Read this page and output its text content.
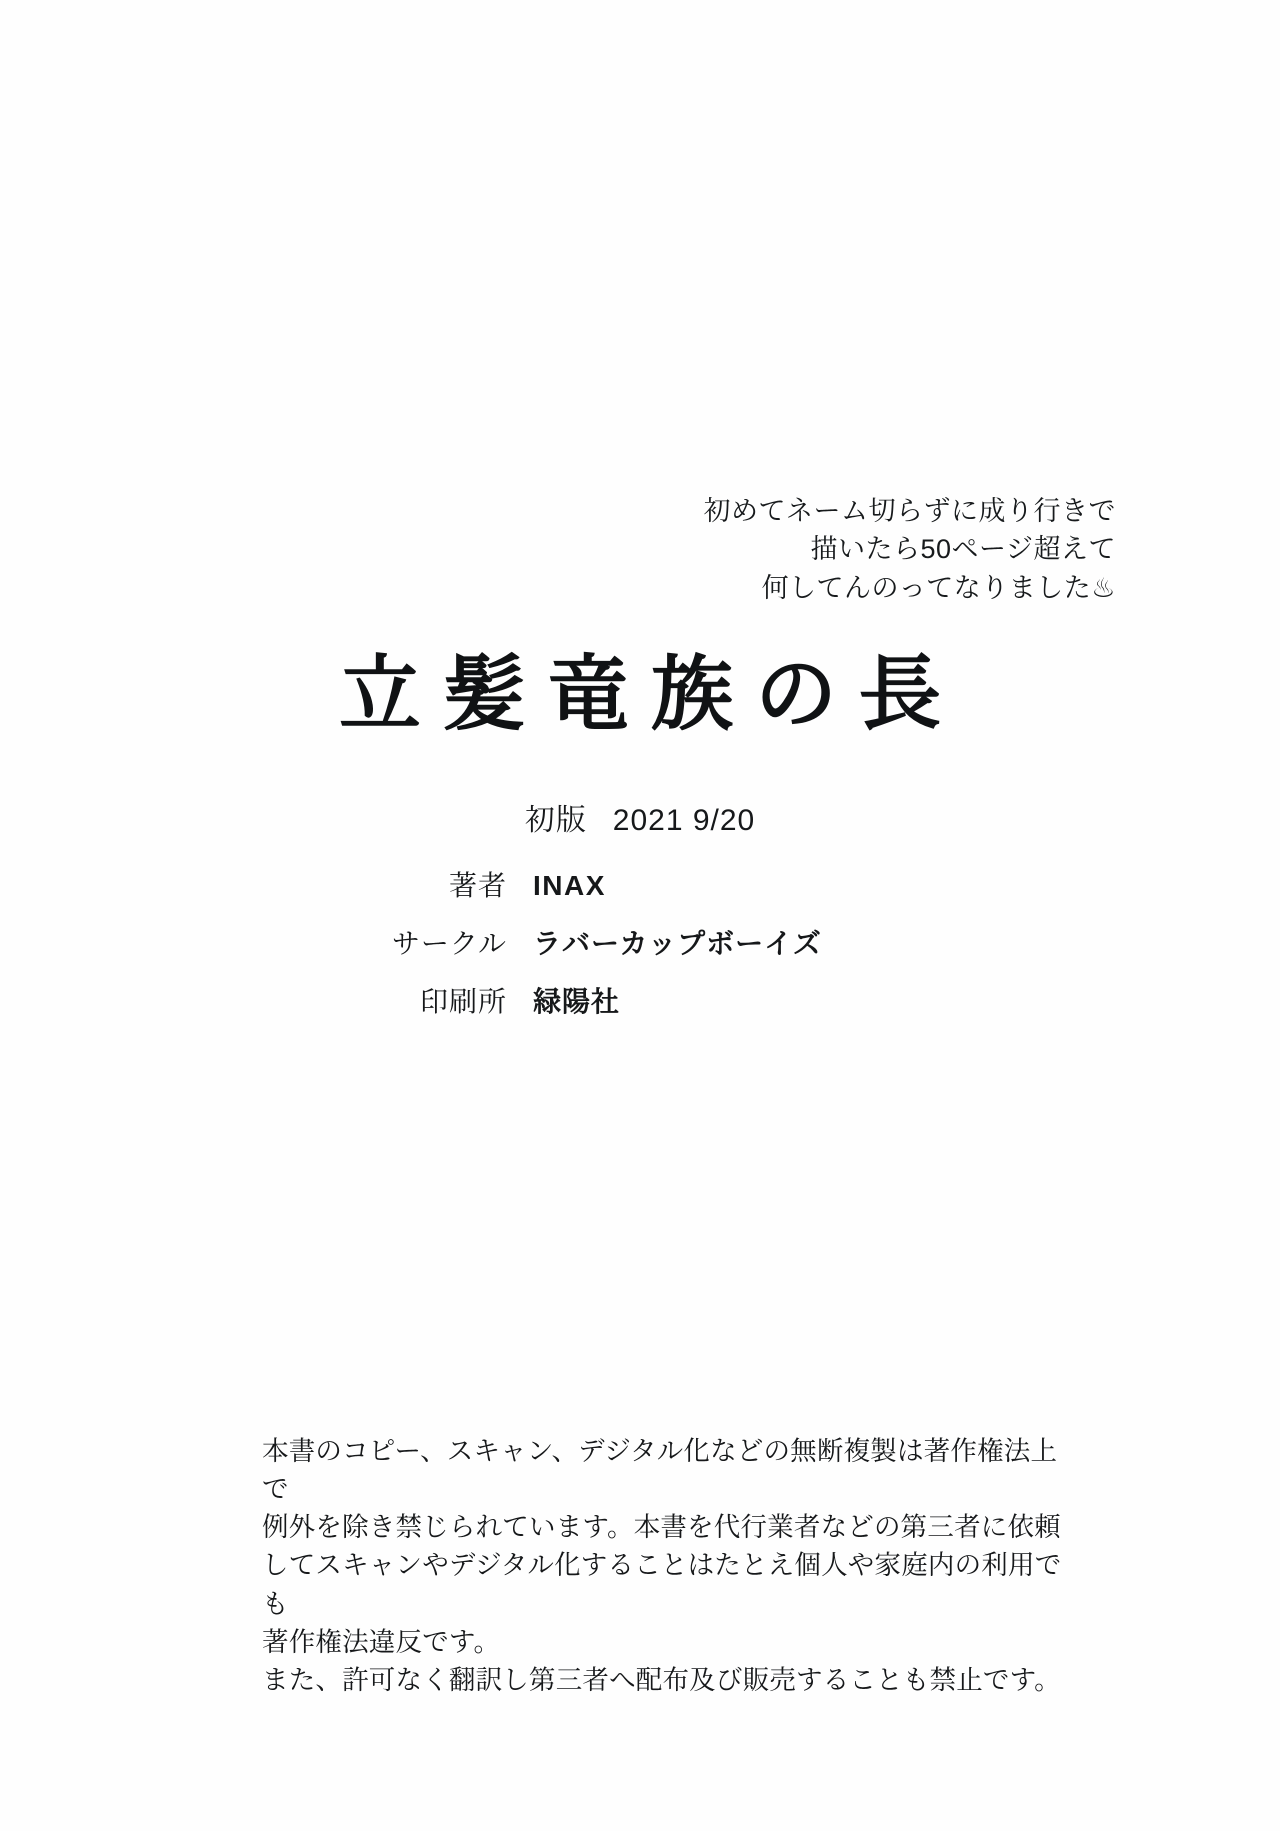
初めてネーム切らずに成り行きで
描いたら50ページ超えて
何してんのってなりました♨
立髪竜族の長
初版 2021 9/20
著者 INAX
サークル ラバーカップボーイズ
印刷所 緑陽社

本書のコピー、スキャン、デジタル化などの無断複製は著作権法上で

例外を除き禁じられています。本書を代行業者などの第三者に依頼

してスキャンやデジタル化することはたとえ個人や家庭内の利用でも

著作権法違反です。

また、許可なく翻訳し第三者へ配布及び販売することも禁止です。
